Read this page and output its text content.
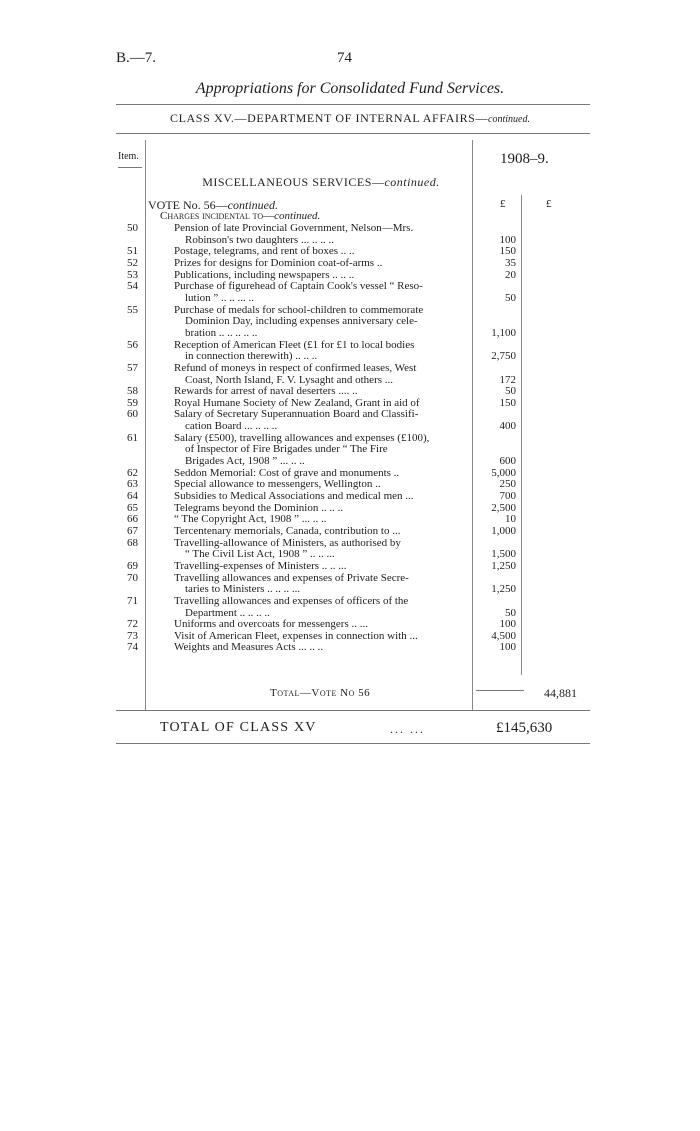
B.—7.	74
Appropriations for Consolidated Fund Services.
CLASS XV.—DEPARTMENT OF INTERNAL AFFAIRS—continued.
Item.	1908–9.
MISCELLANEOUS SERVICES—continued.
VOTE No. 56—continued.
Charges incidental to—continued.
£	£
50	Pension of late Provincial Government, Nelson—Mrs.
Robinson's two daughters ... .. .. ..	100
51	Postage, telegrams, and rent of boxes .. ..	150
52	Prizes for designs for Dominion coat-of-arms ..	35
53	Publications, including newspapers .. .. ..	20
54	Purchase of figurehead of Captain Cook's vessel “ Reso-
lution ” .. .. ... ..	50
55	Purchase of medals for school-children to commemorate
Dominion Day, including expenses anniversary cele-
bration .. .. .. .. ..	1,100
56	Reception of American Fleet (£1 for £1 to local bodies
in connection therewith) .. .. ..	2,750
57	Refund of moneys in respect of confirmed leases, West
Coast, North Island, F. V. Lysaght and others ...	172
58	Rewards for arrest of naval deserters .... ..	50
59	Royal Humane Society of New Zealand, Grant in aid of	150
60	Salary of Secretary Superannuation Board and Classifi-
cation Board ... .. .. ..	400
61	Salary (£500), travelling allowances and expenses (£100),
of Inspector of Fire Brigades under “ The Fire
Brigades Act, 1908 ” ... .. ..	600
62	Seddon Memorial: Cost of grave and monuments ..	5,000
63	Special allowance to messengers, Wellington ..	250
64	Subsidies to Medical Associations and medical men ...	700
65	Telegrams beyond the Dominion .. .. ..	2,500
66	“ The Copyright Act, 1908 ” ... .. ..	10
67	Tercentenary memorials, Canada, contribution to ...	1,000
68	Travelling-allowance of Ministers, as authorised by
“ The Civil List Act, 1908 ” .. .. ...	1,500
69	Travelling-expenses of Ministers .. .. ...	1,250
70	Travelling allowances and expenses of Private Secre-
taries to Ministers .. .. .. ...	1,250
71	Travelling allowances and expenses of officers of the
Department .. .. .. ..	50
72	Uniforms and overcoats for messengers .. ...	100
73	Visit of American Fleet, expenses in connection with ...	4,500
74	Weights and Measures Acts ... .. ..	100
Total—Vote No 56	44,881
TOTAL OF CLASS XV	... ...	£145,630
